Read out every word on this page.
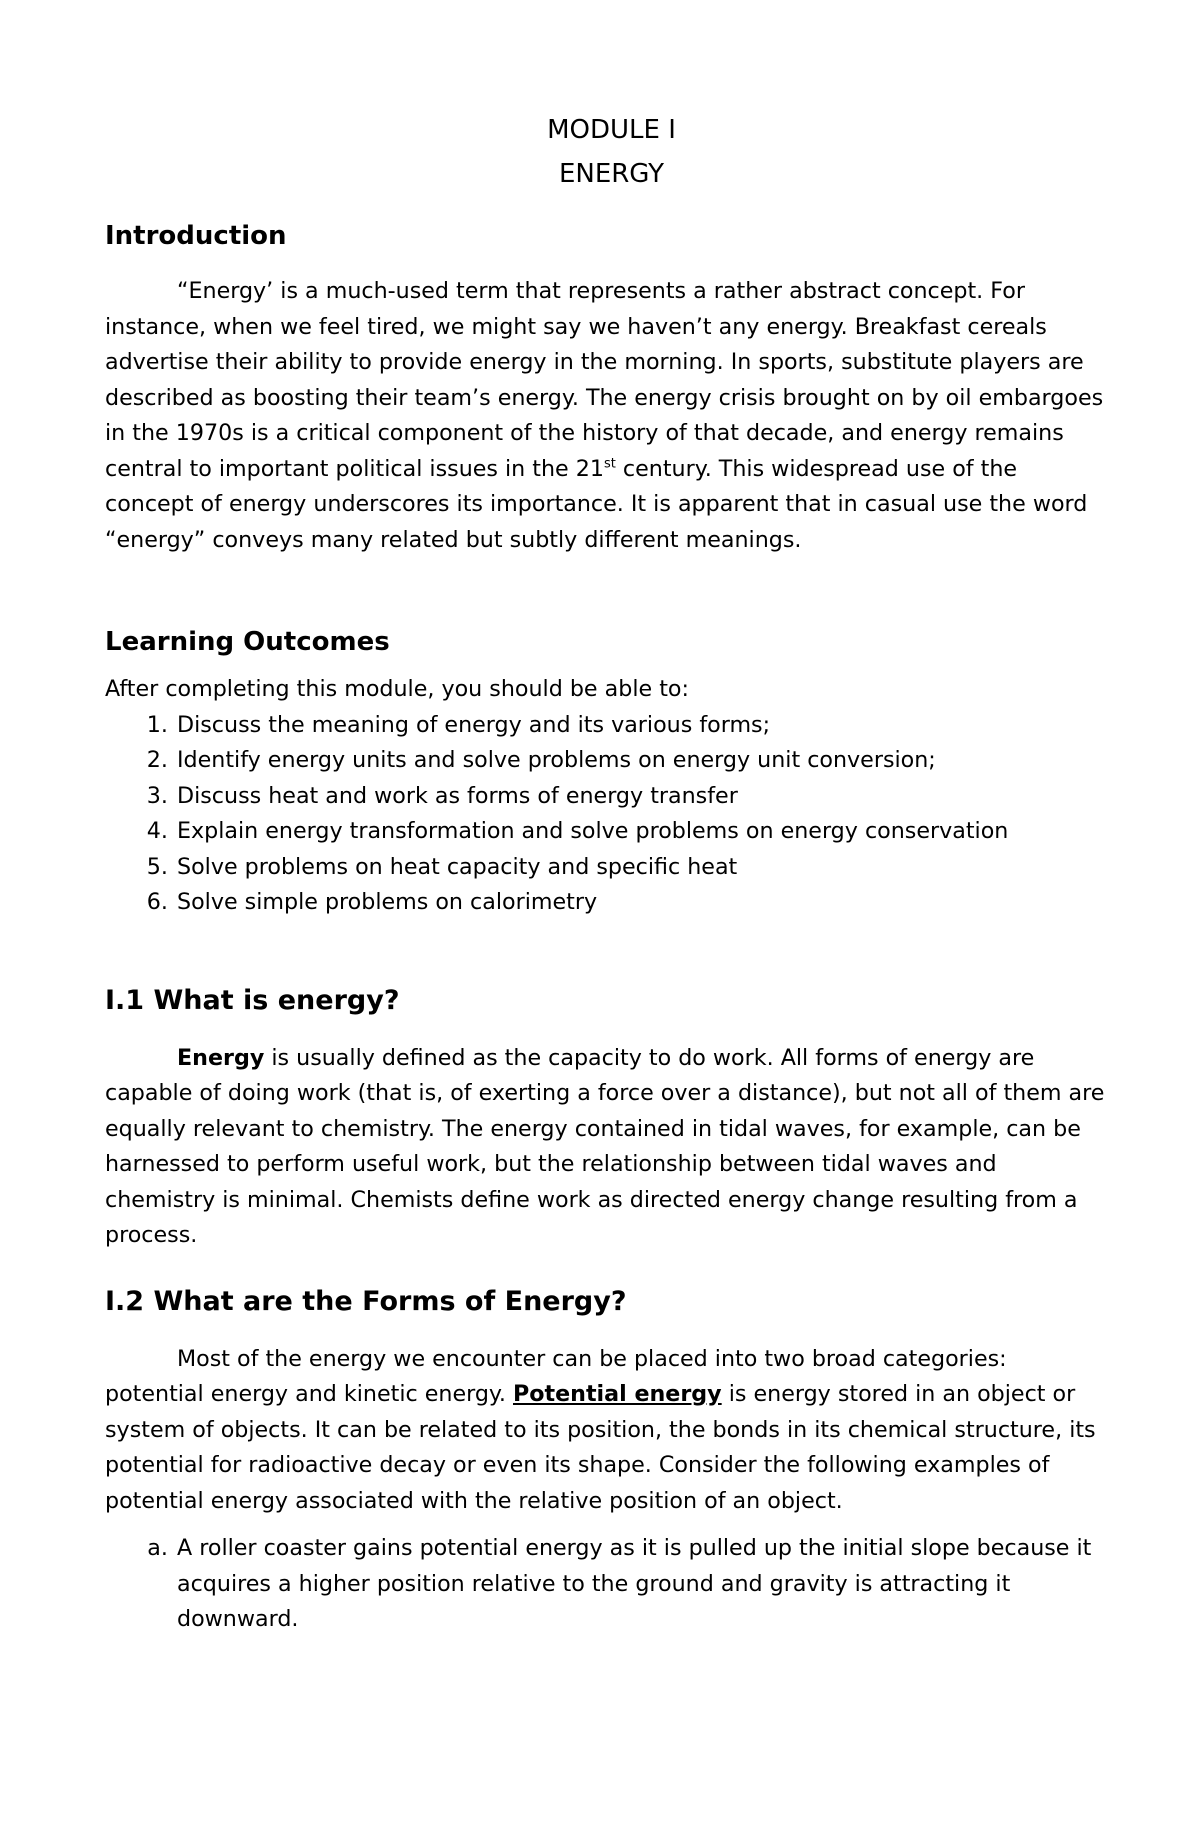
MODULE I

ENERGY

Introduction

“Energy’ is a much-used term that represents a rather abstract concept. For instance, when we feel tired, we might say we haven’t any energy. Breakfast cereals advertise their ability to provide energy in the morning. In sports, substitute players are described as boosting their team’s energy. The energy crisis brought on by oil embargoes in the 1970s is a critical component of the history of that decade, and energy remains central to important political issues in the 21st century. This widespread use of the concept of energy underscores its importance. It is apparent that in casual use the word “energy” conveys many related but subtly different meanings.

Learning Outcomes

After completing this module, you should be able to:

1. Discuss the meaning of energy and its various forms;
2. Identify energy units and solve problems on energy unit conversion;
3. Discuss heat and work as forms of energy transfer
4. Explain energy transformation and solve problems on energy conservation
5. Solve problems on heat capacity and specific heat
6. Solve simple problems on calorimetry
I.1 What is energy?

Energy is usually defined as the capacity to do work. All forms of energy are capable of doing work (that is, of exerting a force over a distance), but not all of them are equally relevant to chemistry. The energy contained in tidal waves, for example, can be harnessed to perform useful work, but the relationship between tidal waves and chemistry is minimal. Chemists define work as directed energy change resulting from a process.

I.2 What are the Forms of Energy?

Most of the energy we encounter can be placed into two broad categories: potential energy and kinetic energy. Potential energy is energy stored in an object or system of objects. It can be related to its position, the bonds in its chemical structure, its potential for radioactive decay or even its shape. Consider the following examples of potential energy associated with the relative position of an object.

a. A roller coaster gains potential energy as it is pulled up the initial slope because it acquires a higher position relative to the ground and gravity is attracting it downward.
